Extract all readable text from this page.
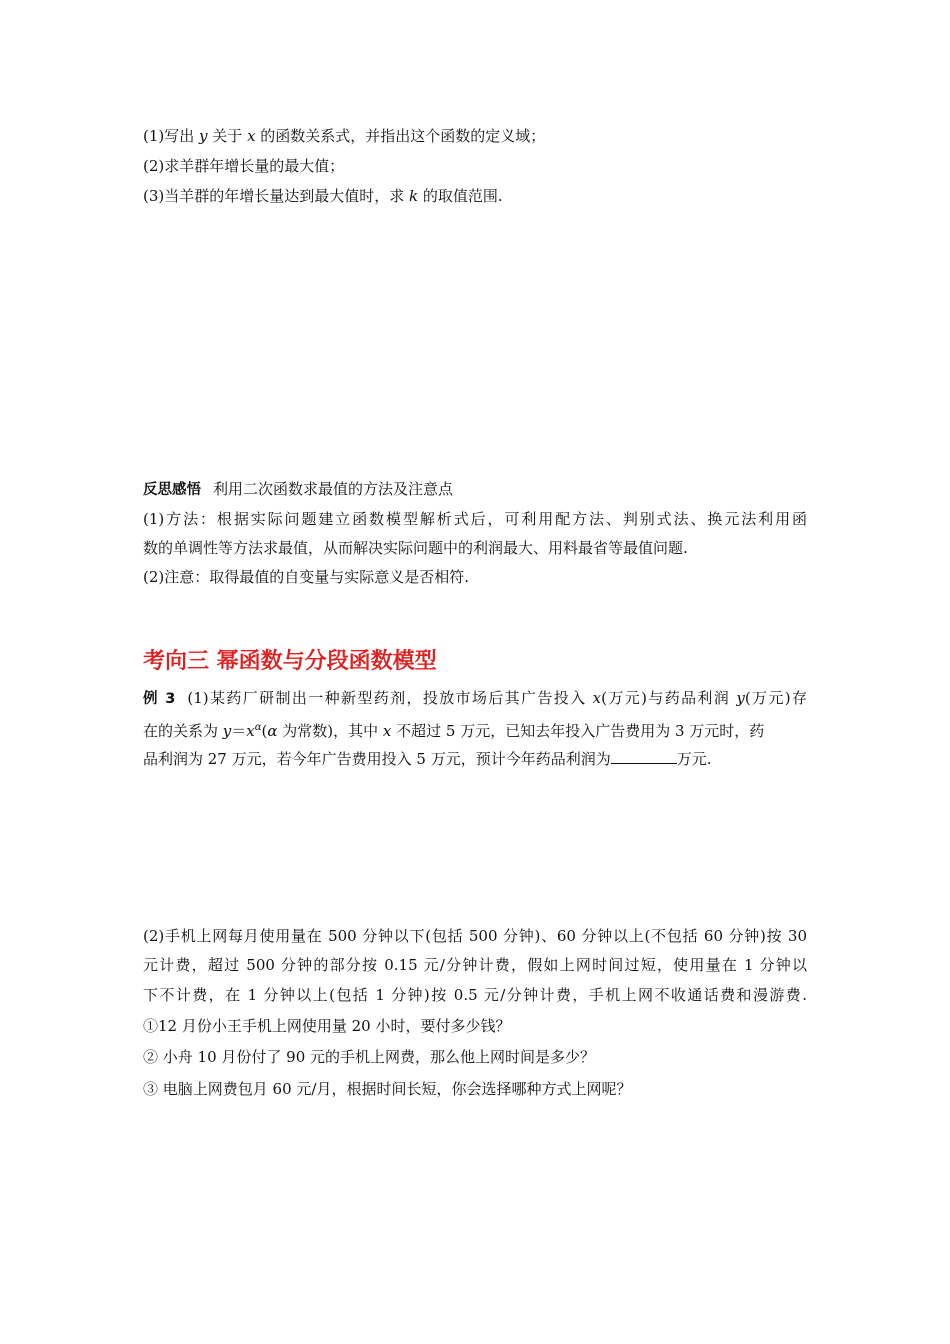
(1)写出 y 关于 x 的函数关系式，并指出这个函数的定义域；
(2)求羊群年增长量的最大值；
(3)当羊群的年增长量达到最大值时，求 k 的取值范围.
反思感悟 利用二次函数求最值的方法及注意点
(1)方法：根据实际问题建立函数模型解析式后，可利用配方法、判别式法、换元法利用函
数的单调性等方法求最值，从而解决实际问题中的利润最大、用料最省等最值问题.
(2)注意：取得最值的自变量与实际意义是否相符.
考向三 幂函数与分段函数模型
例 3 (1)某药厂研制出一种新型药剂，投放市场后其广告投入 x(万元)与药品利润 y(万元)存
在的关系为 $y=x^\alpha(\alpha$ 为常数)，其中 x 不超过 5 万元，已知去年投入广告费用为 3 万元时，药
品利润为 27 万元，若今年广告费用投入 5 万元，预计今年药品利润为	万元.
(2)手机上网每月使用量在 500 分钟以下(包括 500 分钟)、60 分钟以上(不包括 60 分钟)按 30
元计费，超过 500 分钟的部分按 0.15 元/分钟计费，假如上网时间过短，使用量在 1 分钟以
下不计费，在 1 分钟以上(包括 1 分钟)按 0.5 元/分钟计费，手机上网不收通话费和漫游费.
①12 月份小王手机上网使用量 20 小时，要付多少钱？
② 小舟 10 月份付了 90 元的手机上网费，那么他上网时间是多少？
③ 电脑上网费包月 60 元/月，根据时间长短，你会选择哪种方式上网呢？
